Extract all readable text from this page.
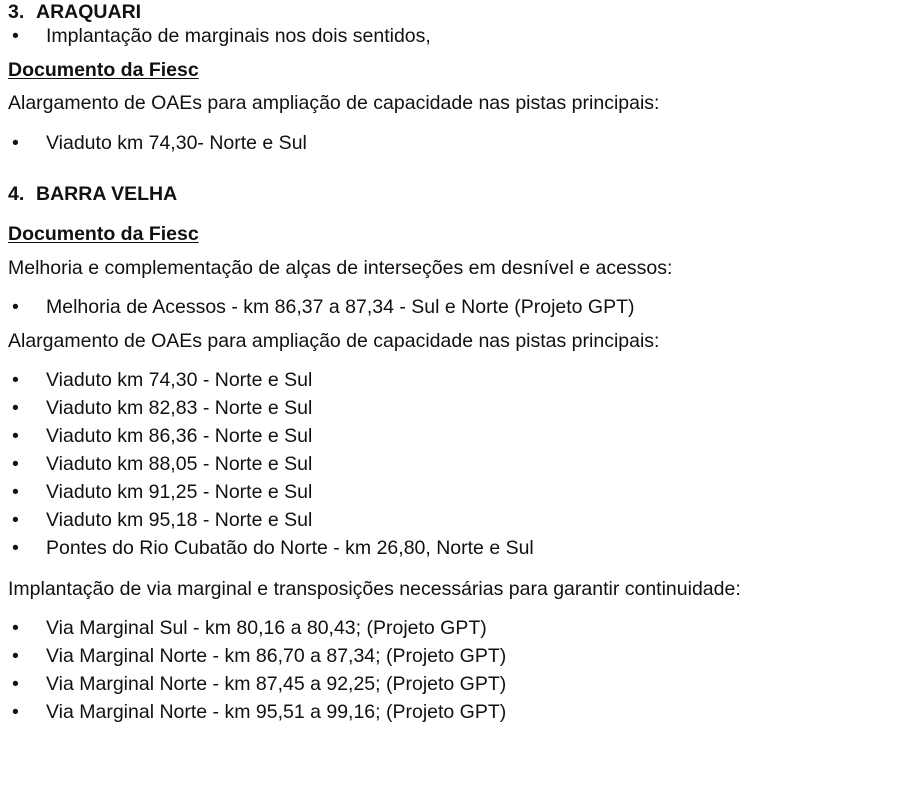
3. ARAQUARI
• Implantação de marginais nos dois sentidos,
Documento da Fiesc
Alargamento de OAEs para ampliação de capacidade nas pistas principais:
• Viaduto km 74,30- Norte e Sul
4. BARRA VELHA
Documento da Fiesc
Melhoria e complementação de alças de interseções em desnível e acessos:
• Melhoria de Acessos - km 86,37 a 87,34 - Sul e Norte (Projeto GPT)
Alargamento de OAEs para ampliação de capacidade nas pistas principais:
• Viaduto km 74,30 - Norte e Sul
• Viaduto km 82,83 - Norte e Sul
• Viaduto km 86,36 - Norte e Sul
• Viaduto km 88,05 - Norte e Sul
• Viaduto km 91,25 - Norte e Sul
• Viaduto km 95,18 - Norte e Sul
• Pontes do Rio Cubatão do Norte - km 26,80, Norte e Sul
Implantação de via marginal e transposições necessárias para garantir continuidade:
• Via Marginal Sul - km 80,16 a 80,43; (Projeto GPT)
• Via Marginal Norte - km 86,70 a 87,34; (Projeto GPT)
• Via Marginal Norte - km 87,45 a 92,25; (Projeto GPT)
• Via Marginal Norte - km 95,51 a 99,16; (Projeto GPT)
